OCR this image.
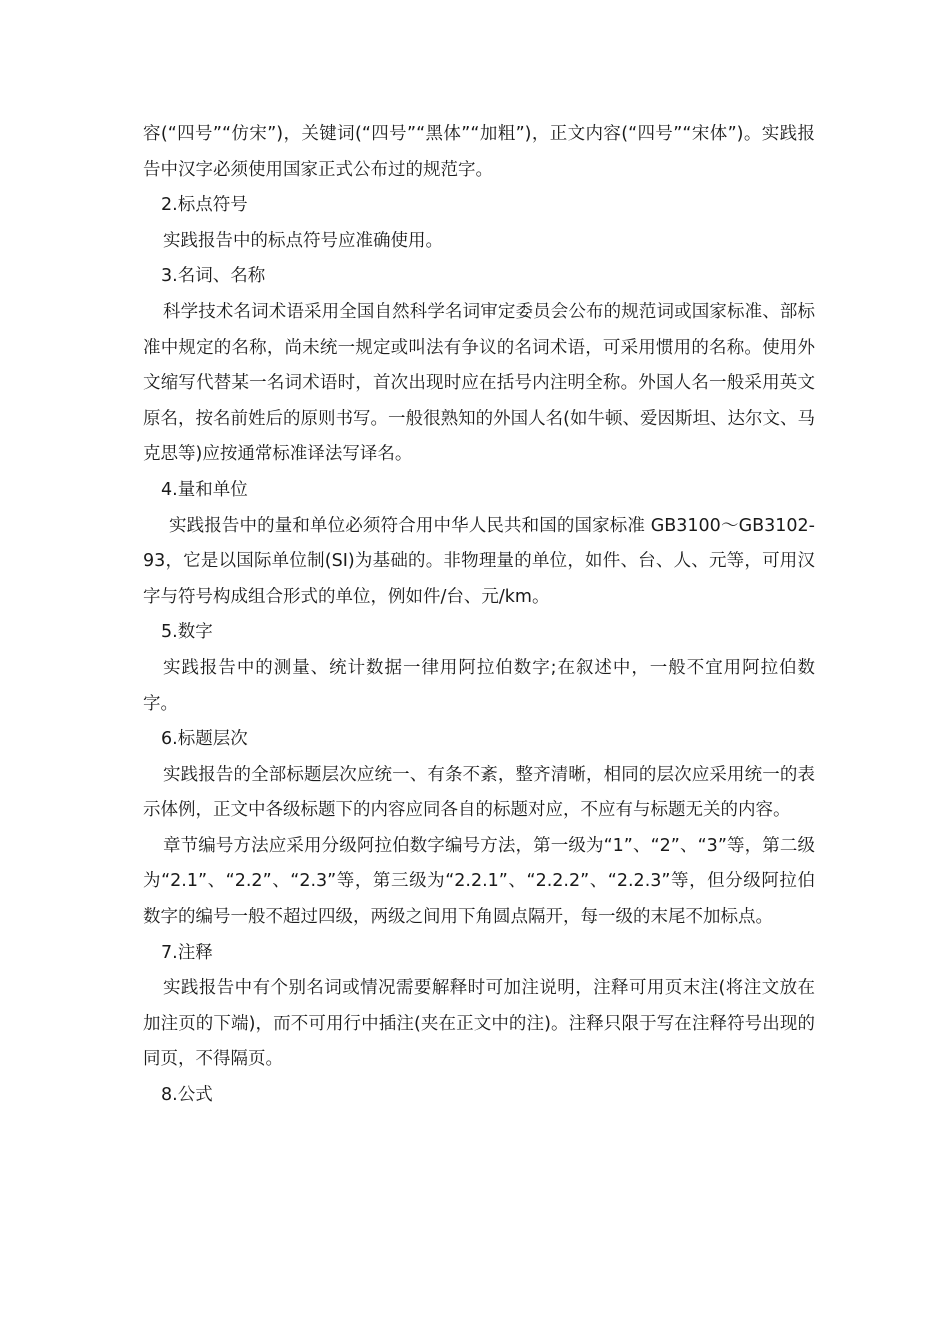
容(“四号”“仿宋”)，关键词(“四号”“黑体”“加粗”)，正文内容(“四号”“宋体”)。实践报告中汉字必须使用国家正式公布过的规范字。

2.标点符号

实践报告中的标点符号应准确使用。

3.名词、名称

科学技术名词术语采用全国自然科学名词审定委员会公布的规范词或国家标准、部标准中规定的名称，尚未统一规定或叫法有争议的名词术语，可采用惯用的名称。使用外文缩写代替某一名词术语时，首次出现时应在括号内注明全称。外国人名一般采用英文原名，按名前姓后的原则书写。一般很熟知的外国人名(如牛顿、爱因斯坦、达尔文、马克思等)应按通常标准译法写译名。

4.量和单位

实践报告中的量和单位必须符合用中华人民共和国的国家标准 GB3100～GB3102-93，它是以国际单位制(SI)为基础的。非物理量的单位，如件、台、人、元等，可用汉字与符号构成组合形式的单位，例如件/台、元/km。

5.数字

实践报告中的测量、统计数据一律用阿拉伯数字;在叙述中，一般不宜用阿拉伯数字。

6.标题层次

实践报告的全部标题层次应统一、有条不紊，整齐清晰，相同的层次应采用统一的表示体例，正文中各级标题下的内容应同各自的标题对应，不应有与标题无关的内容。

章节编号方法应采用分级阿拉伯数字编号方法，第一级为“1”、“2”、“3”等，第二级为“2.1”、“2.2”、“2.3”等，第三级为“2.2.1”、“2.2.2”、“2.2.3”等，但分级阿拉伯数字的编号一般不超过四级，两级之间用下角圆点隔开，每一级的末尾不加标点。

7.注释

实践报告中有个别名词或情况需要解释时可加注说明，注释可用页末注(将注文放在加注页的下端)，而不可用行中插注(夹在正文中的注)。注释只限于写在注释符号出现的同页，不得隔页。

8.公式
